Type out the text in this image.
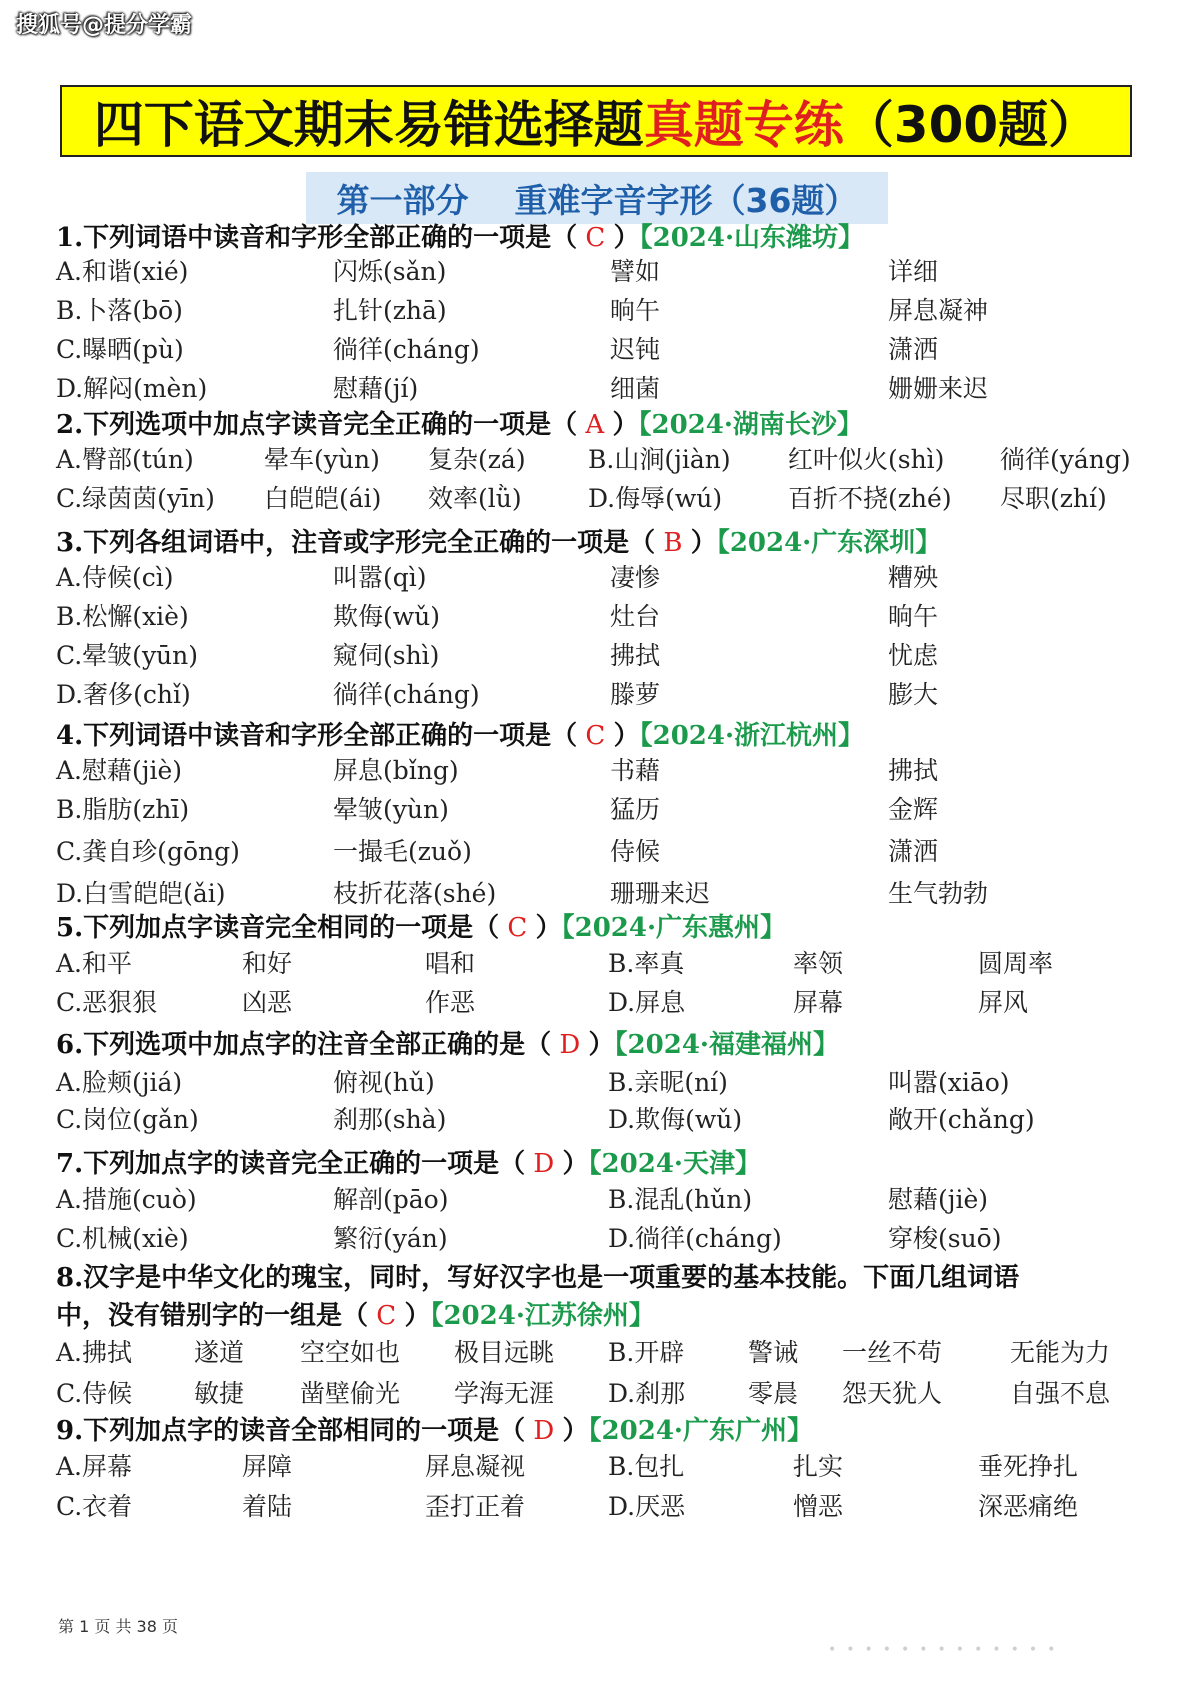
搜狐号@提分学霸
四下语文期末易错选择题 真题专练 （300题）
第一部分    重难字音字形（36题）
1.下列词语中读音和字形全部正确的一项是（ C ）【2024·山东潍坊】
A.和谐(xié)	闪烁(sǎn)	譬如	详细
B.卜落(bō)	扎针(zhā)	晌午	屏息凝神
C.曝晒(pù)	徜徉(cháng)	迟钝	潇洒
D.解闷(mèn)	慰藉(jí)	细菌	姗姗来迟
2.下列选项中加点字读音完全正确的一项是（ A ）【2024·湖南长沙】
A.臀部(tún)	晕车(yùn) 复杂(zá) B.山涧(jiàn) 红叶似火(shì) 徜徉(yáng)
C.绿茵茵(yīn) 白皑皑(ái) 效率(lǜ)	D.侮辱(wú)	百折不挠(zhé) 尽职(zhí)
3.下列各组词语中，注音或字形完全正确的一项是（ B ）【2024·广东深圳】
A.侍候(cì)	叫嚣(qì)	凄惨	糟殃
B.松懈(xiè)	欺侮(wǔ)	灶台	晌午
C.晕皱(yūn)	窥伺(shì)	拂拭	忧虑
D.奢侈(chǐ)	徜徉(cháng)	滕萝	膨大
4.下列词语中读音和字形全部正确的一项是（ C ）【2024·浙江杭州】
A.慰藉(jiè)	屏息(bǐng)	书藉	拂拭
B.脂肪(zhī)	晕皱(yùn)	猛历	金辉
C.龚自珍(gōng)	一撮毛(zuǒ)	侍候	潇洒
D.白雪皑皑(ǎi)	枝折花落(shé)	珊珊来迟	生气勃勃
5.下列加点字读音完全相同的一项是（ C ）【2024·广东惠州】
A.和平	和好	唱和	B.率真	率领	圆周率
C.恶狠狠	凶恶	作恶	D.屏息	屏幕	屏风
6.下列选项中加点字的注音全部正确的是（ D ）【2024·福建福州】
A.脸颊(jiá)	俯视(hǔ)	B.亲昵(ní)	叫嚣(xiāo)
C.岗位(gǎn)	刹那(shà)	D.欺侮(wǔ)	敞开(chǎng)
7.下列加点字的读音完全正确的一项是（ D ）【2024·天津】
A.措施(cuò)	解剖(pāo)	B.混乱(hǔn)	慰藉(jiè)
C.机械(xiè)	繁衍(yán)	D.徜徉(cháng)	穿梭(suō)
8.汉字是中华文化的瑰宝，同时，写好汉字也是一项重要的基本技能。下面几组词语
中，没有错别字的一组是（ C ）【2024·江苏徐州】
A.拂拭 遂道 空空如也 极目远眺 B.开辟	警诫 一丝不苟	无能为力
C.侍候 敏捷 凿壁偷光 学海无涯 D.刹那	零晨 怨天犹人	自强不息
9.下列加点字的读音全部相同的一项是（ D ）【2024·广东广州】
A.屏幕	屏障	屏息凝视	B.包扎	扎实	垂死挣扎
C.衣着	着陆	歪打正着	D.厌恶	憎恶	深恶痛绝
第 1 页 共 38 页
•••••••••••••
